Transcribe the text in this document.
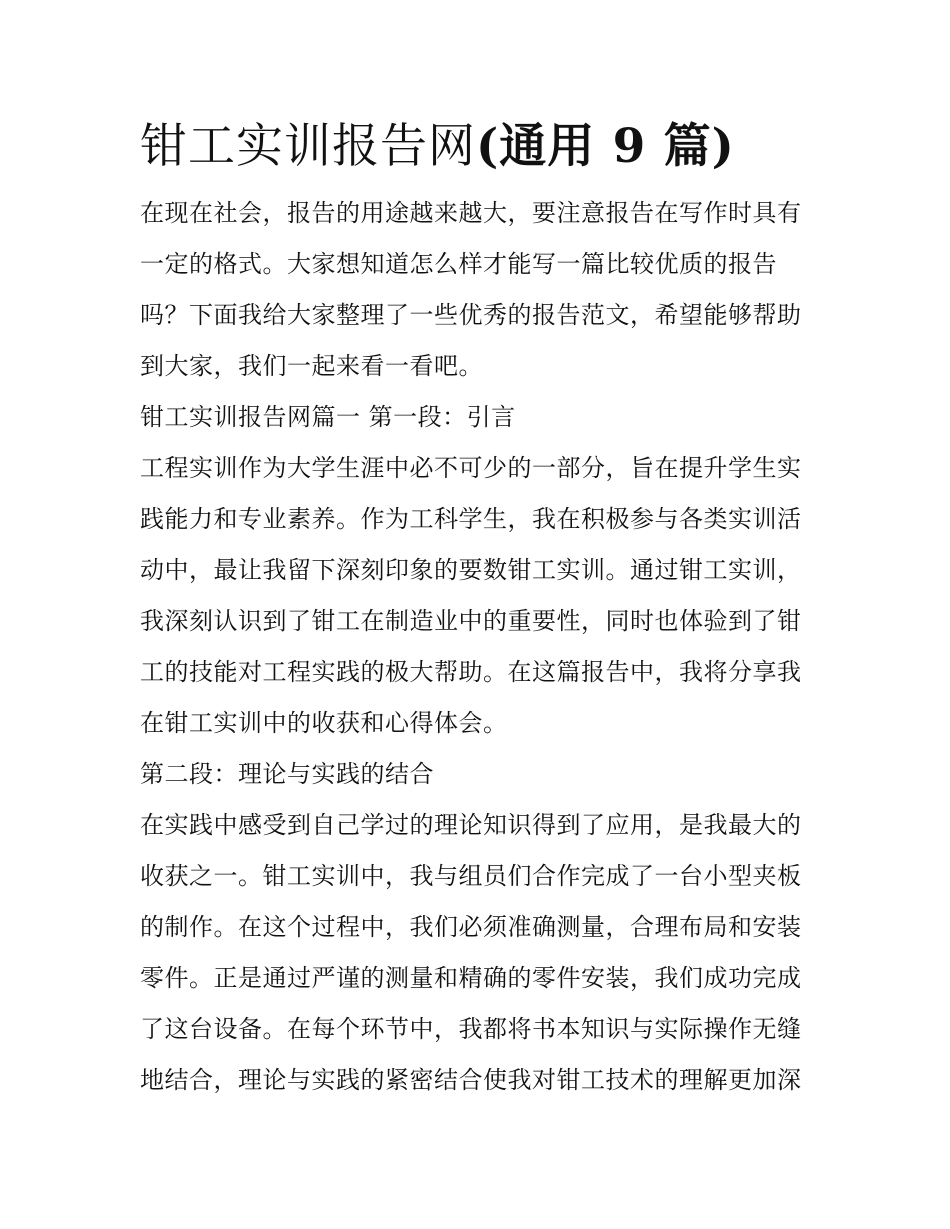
钳工实训报告网(通用 9 篇)

在现在社会，报告的用途越来越大，要注意报告在写作时具有一定的格式。大家想知道怎么样才能写一篇比较优质的报告吗？下面我给大家整理了一些优秀的报告范文，希望能够帮助到大家，我们一起来看一看吧。

钳工实训报告网篇一 第一段：引言

工程实训作为大学生涯中必不可少的一部分，旨在提升学生实践能力和专业素养。作为工科学生，我在积极参与各类实训活动中，最让我留下深刻印象的要数钳工实训。通过钳工实训，我深刻认识到了钳工在制造业中的重要性，同时也体验到了钳工的技能对工程实践的极大帮助。在这篇报告中，我将分享我在钳工实训中的收获和心得体会。

第二段：理论与实践的结合

在实践中感受到自己学过的理论知识得到了应用，是我最大的收获之一。钳工实训中，我与组员们合作完成了一台小型夹板的制作。在这个过程中，我们必须准确测量，合理布局和安装零件。正是通过严谨的测量和精确的零件安装，我们成功完成了这台设备。在每个环节中，我都将书本知识与实际操作无缝地结合，理论与实践的紧密结合使我对钳工技术的理解更加深
